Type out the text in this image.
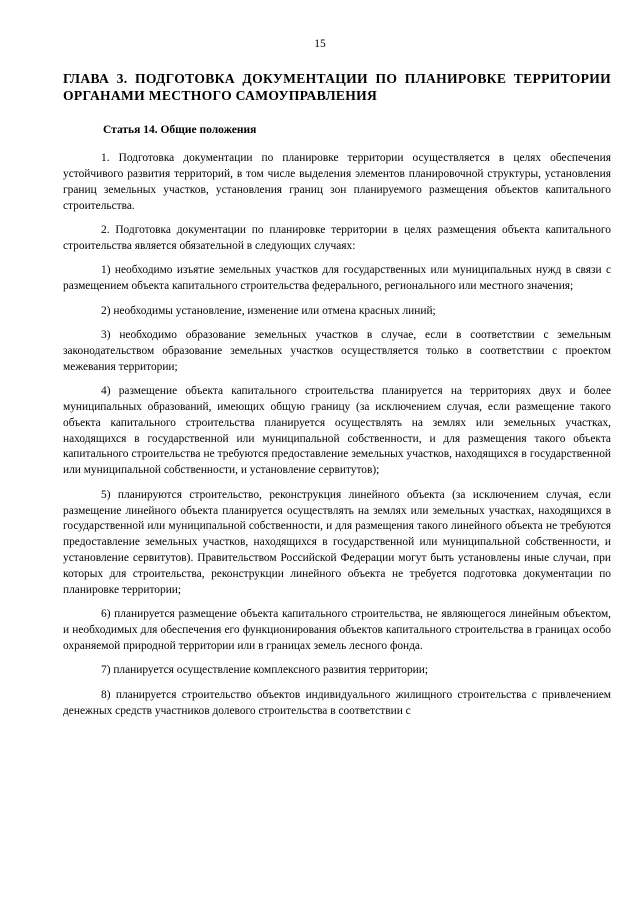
15
ГЛАВА 3. ПОДГОТОВКА ДОКУМЕНТАЦИИ ПО ПЛАНИРОВКЕ ТЕРРИТОРИИ ОРГАНАМИ МЕСТНОГО САМОУПРАВЛЕНИЯ
Статья 14. Общие положения

1. Подготовка документации по планировке территории осуществляется в целях обеспечения устойчивого развития территорий, в том числе выделения элементов планировочной структуры, установления границ земельных участков, установления границ зон планируемого размещения объектов капитального строительства.

2. Подготовка документации по планировке территории в целях размещения объекта капитального строительства является обязательной в следующих случаях:

1) необходимо изъятие земельных участков для государственных или муниципальных нужд в связи с размещением объекта капитального строительства федерального, регионального или местного значения;

2) необходимы установление, изменение или отмена красных линий;

3) необходимо образование земельных участков в случае, если в соответствии с земельным законодательством образование земельных участков осуществляется только в соответствии с проектом межевания территории;

4) размещение объекта капитального строительства планируется на территориях двух и более муниципальных образований, имеющих общую границу (за исключением случая, если размещение такого объекта капитального строительства планируется осуществлять на землях или земельных участках, находящихся в государственной или муниципальной собственности, и для размещения такого объекта капитального строительства не требуются предоставление земельных участков, находящихся в государственной или муниципальной собственности, и установление сервитутов);

5) планируются строительство, реконструкция линейного объекта (за исключением случая, если размещение линейного объекта планируется осуществлять на землях или земельных участках, находящихся в государственной или муниципальной собственности, и для размещения такого линейного объекта не требуются предоставление земельных участков, находящихся в государственной или муниципальной собственности, и установление сервитутов). Правительством Российской Федерации могут быть установлены иные случаи, при которых для строительства, реконструкции линейного объекта не требуется подготовка документации по планировке территории;

6) планируется размещение объекта капитального строительства, не являющегося линейным объектом, и необходимых для обеспечения его функционирования объектов капитального строительства в границах особо охраняемой природной территории или в границах земель лесного фонда.

7) планируется осуществление комплексного развития территории;

8) планируется строительство объектов индивидуального жилищного строительства с привлечением денежных средств участников долевого строительства в соответствии с
